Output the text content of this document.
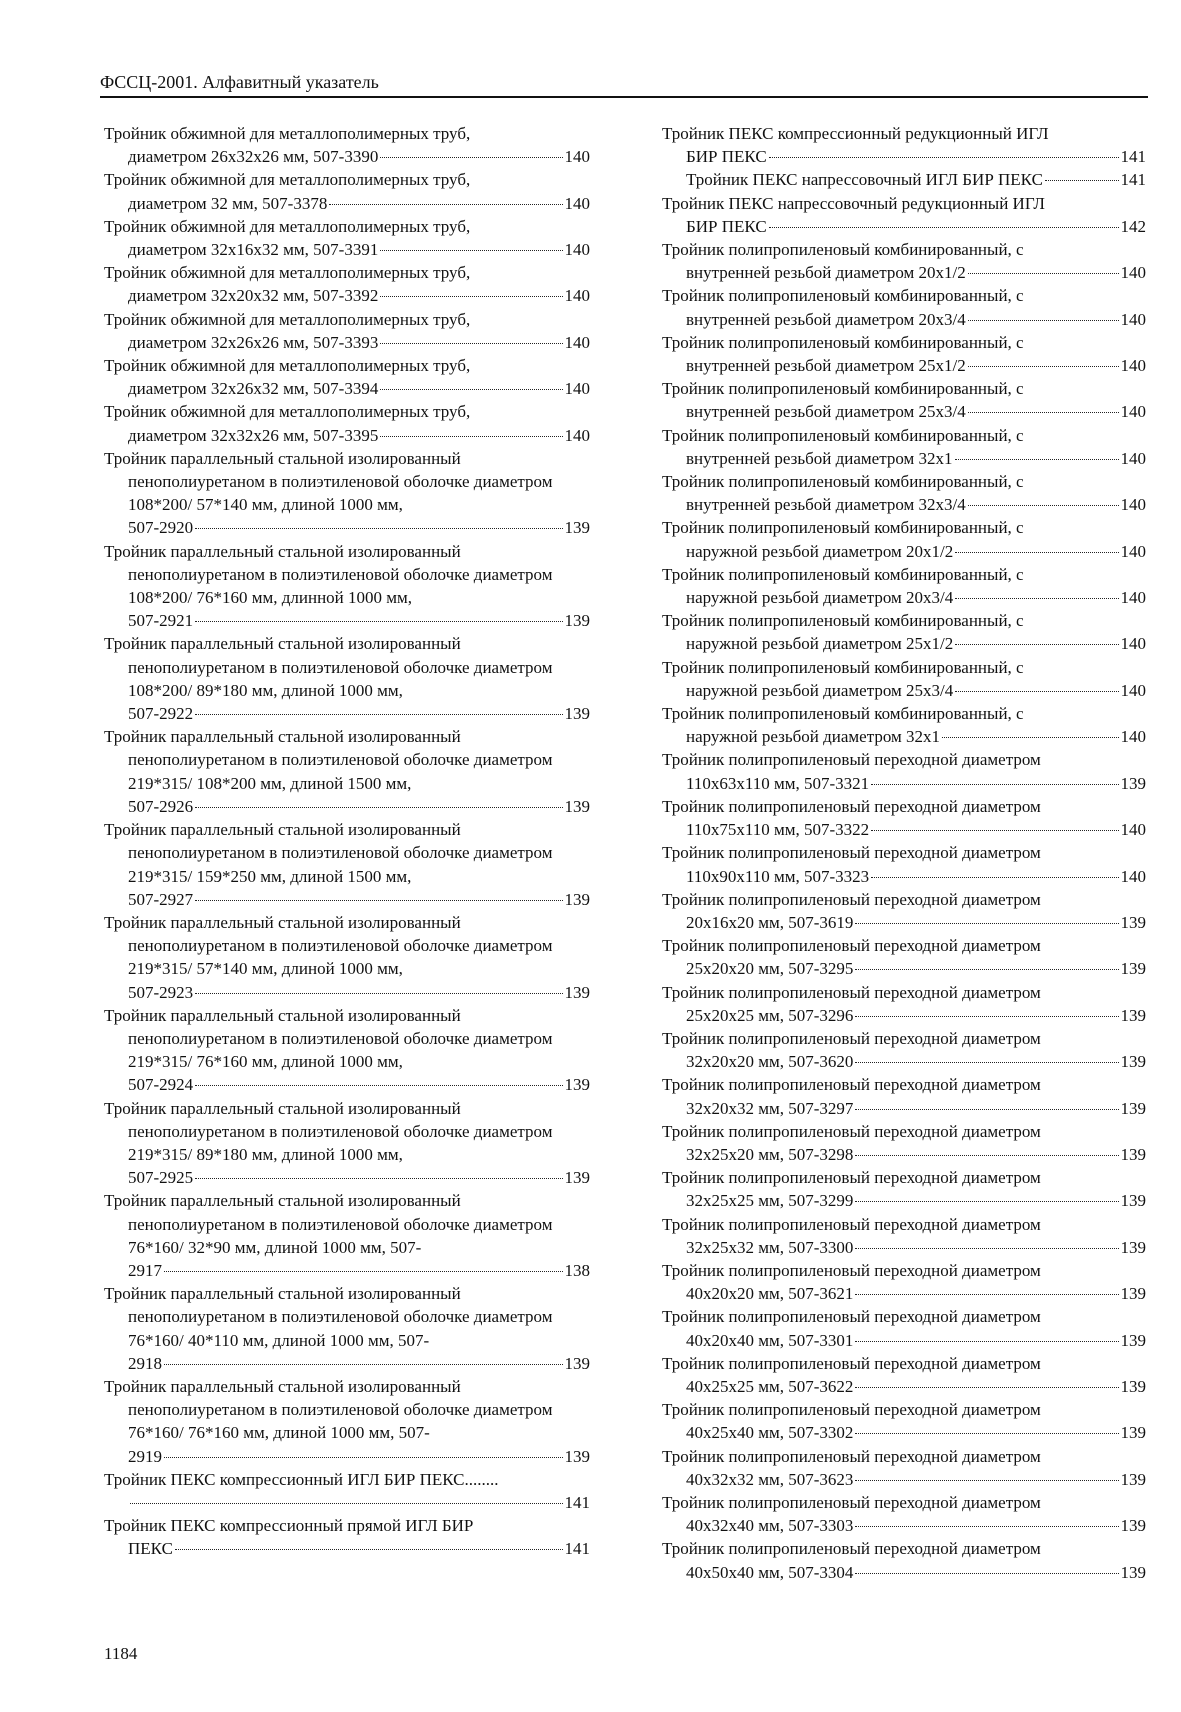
ФССЦ-2001. Алфавитный указатель
Тройник обжимной для металлополимерных труб,
диаметром 26x32x26 мм, 507-3390	140
Тройник обжимной для металлополимерных труб,
диаметром 32 мм, 507-3378	140
Тройник обжимной для металлополимерных труб,
диаметром 32x16x32 мм, 507-3391	140
Тройник обжимной для металлополимерных труб,
диаметром 32x20x32 мм, 507-3392	140
Тройник обжимной для металлополимерных труб,
диаметром 32x26x26 мм, 507-3393	140
Тройник обжимной для металлополимерных труб,
диаметром 32x26x32 мм, 507-3394	140
Тройник обжимной для металлополимерных труб,
диаметром 32x32x26 мм, 507-3395	140
Тройник параллельный стальной изолированный пенополиуретаном в полиэтиленовой оболочке диаметром 108*200/ 57*140 мм, длиной 1000 мм,
507-2920	139
Тройник параллельный стальной изолированный пенополиуретаном в полиэтиленовой оболочке диаметром 108*200/ 76*160 мм, длинной 1000 мм,
507-2921	139
Тройник параллельный стальной изолированный пенополиуретаном в полиэтиленовой оболочке диаметром 108*200/ 89*180 мм, длиной 1000 мм,
507-2922	139
Тройник параллельный стальной изолированный пенополиуретаном в полиэтиленовой оболочке диаметром 219*315/ 108*200 мм, длиной 1500 мм,
507-2926	139
Тройник параллельный стальной изолированный пенополиуретаном в полиэтиленовой оболочке диаметром 219*315/ 159*250 мм, длиной 1500 мм,
507-2927	139
Тройник параллельный стальной изолированный пенополиуретаном в полиэтиленовой оболочке диаметром 219*315/ 57*140 мм, длиной 1000 мм,
507-2923	139
Тройник параллельный стальной изолированный пенополиуретаном в полиэтиленовой оболочке диаметром 219*315/ 76*160 мм, длиной 1000 мм,
507-2924	139
Тройник параллельный стальной изолированный пенополиуретаном в полиэтиленовой оболочке диаметром 219*315/ 89*180 мм, длиной 1000 мм,
507-2925	139
Тройник параллельный стальной изолированный пенополиуретаном в полиэтиленовой оболочке диаметром 76*160/ 32*90 мм, длиной 1000 мм, 507-
2917	138
Тройник параллельный стальной изолированный пенополиуретаном в полиэтиленовой оболочке диаметром 76*160/ 40*110 мм, длиной 1000 мм, 507-
2918	139
Тройник параллельный стальной изолированный пенополиуретаном в полиэтиленовой оболочке диаметром 76*160/ 76*160 мм, длиной 1000 мм, 507-
2919	139
Тройник ПЕКС компрессионный ИГЛ БИР ПЕКС........
141
Тройник ПЕКС компрессионный прямой ИГЛ БИР
ПЕКС	141
Тройник ПЕКС компрессионный редукционный ИГЛ
БИР ПЕКС	141
Тройник ПЕКС напрессовочный ИГЛ БИР ПЕКС	141
Тройник ПЕКС напрессовочный редукционный ИГЛ
БИР ПЕКС	142
Тройник полипропиленовый комбинированный, с
внутренней резьбой диаметром 20x1/2	140
Тройник полипропиленовый комбинированный, с
внутренней резьбой диаметром 20x3/4	140
Тройник полипропиленовый комбинированный, с
внутренней резьбой диаметром 25x1/2	140
Тройник полипропиленовый комбинированный, с
внутренней резьбой диаметром 25x3/4	140
Тройник полипропиленовый комбинированный, с
внутренней резьбой диаметром 32x1	140
Тройник полипропиленовый комбинированный, с
внутренней резьбой диаметром 32x3/4	140
Тройник полипропиленовый комбинированный, с
наружной резьбой диаметром 20x1/2	140
Тройник полипропиленовый комбинированный, с
наружной резьбой диаметром 20x3/4	140
Тройник полипропиленовый комбинированный, с
наружной резьбой диаметром 25x1/2	140
Тройник полипропиленовый комбинированный, с
наружной резьбой диаметром 25x3/4	140
Тройник полипропиленовый комбинированный, с
наружной резьбой диаметром 32x1	140
Тройник полипропиленовый переходной диаметром
110x63x110 мм, 507-3321	139
Тройник полипропиленовый переходной диаметром
110x75x110 мм, 507-3322	140
Тройник полипропиленовый переходной диаметром
110x90x110 мм, 507-3323	140
Тройник полипропиленовый переходной диаметром
20x16x20 мм, 507-3619	139
Тройник полипропиленовый переходной диаметром
25x20x20 мм, 507-3295	139
Тройник полипропиленовый переходной диаметром
25x20x25 мм, 507-3296	139
Тройник полипропиленовый переходной диаметром
32x20x20 мм, 507-3620	139
Тройник полипропиленовый переходной диаметром
32x20x32 мм, 507-3297	139
Тройник полипропиленовый переходной диаметром
32x25x20 мм, 507-3298	139
Тройник полипропиленовый переходной диаметром
32x25x25 мм, 507-3299	139
Тройник полипропиленовый переходной диаметром
32x25x32 мм, 507-3300	139
Тройник полипропиленовый переходной диаметром
40x20x20 мм, 507-3621	139
Тройник полипропиленовый переходной диаметром
40x20x40 мм, 507-3301	139
Тройник полипропиленовый переходной диаметром
40x25x25 мм, 507-3622	139
Тройник полипропиленовый переходной диаметром
40x25x40 мм, 507-3302	139
Тройник полипропиленовый переходной диаметром
40x32x32 мм, 507-3623	139
Тройник полипропиленовый переходной диаметром
40x32x40 мм, 507-3303	139
Тройник полипропиленовый переходной диаметром
40x50x40 мм, 507-3304	139
1184
